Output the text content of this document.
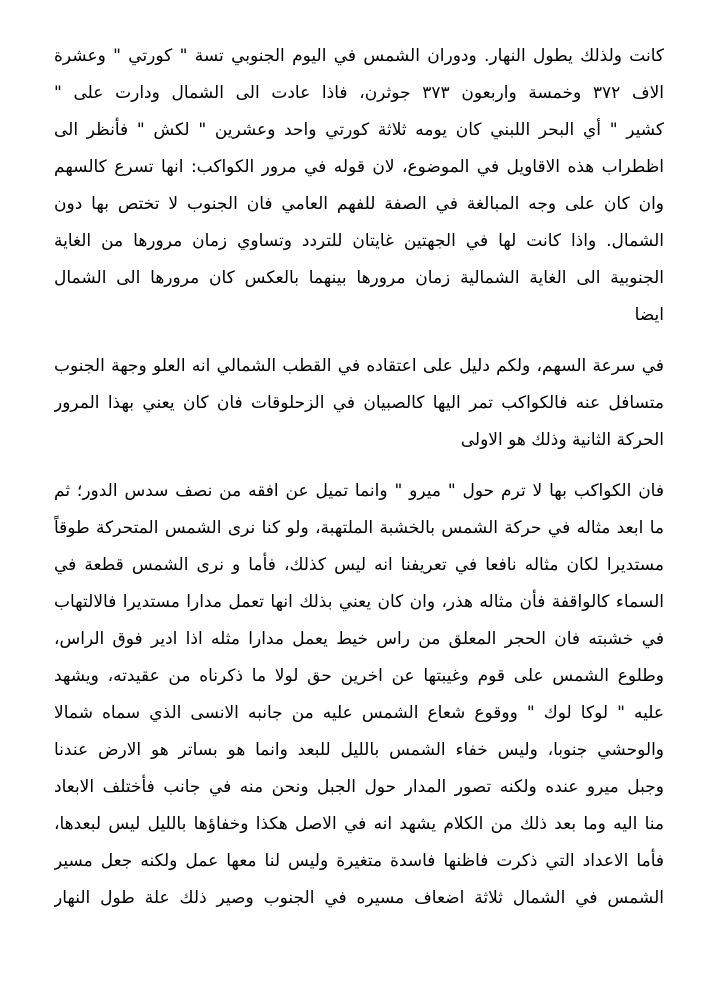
كانت ولذلك يطول النهار. ودوران الشمس في اليوم الجنوبي تسة " كورتي " وعشرة
الاف ٣٧٢ وخمسة واربعون ٣٧٣ جوثرن، فاذا عادت الى الشمال ودارت على "
كشير " أي البحر اللبني كان يومه ثلاثة كورتي واحد وعشرين " لكش " فأنظر الى
اظطراب هذه الاقاويل في الموضوع، لان قوله في مرور الكواكب: انها تسرع كالسهم
وان كان على وجه المبالغة في الصفة للفهم العامي فان الجنوب لا تختص بها دون
الشمال. واذا كانت لها في الجهتين غايتان للتردد وتساوي زمان مرورها من الغاية
الجنوبية الى الغاية الشمالية زمان مرورها بينهما بالعكس كان مرورها الى الشمال
ايضا
في سرعة السهم، ولكم دليل على اعتقاده في القطب الشمالي انه العلو وجهة الجنوب
متسافل عنه فالكواكب تمر اليها كالصبيان في الزحلوقات فان كان يعني بهذا المرور
الحركة الثانية وذلك هو الاولى
فان الكواكب بها لا ترم حول " ميرو " وانما تميل عن افقه من نصف سدس الدور؛ ثم
ما ابعد مثاله في حركة الشمس بالخشبة الملتهبة، ولو كنا نرى الشمس المتحركة طوقاً
مستديرا لكان مثاله نافعا في تعريفنا انه ليس كذلك، فأما و نرى الشمس قطعة في
السماء كالواقفة فأن مثاله هذر، وان كان يعني بذلك انها تعمل مدارا مستديرا فالالتهاب
في خشبته فان الحجر المعلق من راس خيط يعمل مدارا مثله اذا ادير فوق الراس،
وطلوع الشمس على قوم وغيبتها عن اخرين حق لولا ما ذكرناه من عقيدته، ويشهد
عليه " لوكا لوك " ووقوع شعاع الشمس عليه من جانبه الانسى الذي سماه شمالا
والوحشي جنوبا، وليس خفاء الشمس بالليل للبعد وانما هو بساتر هو الارض عندنا
وجبل ميرو عنده ولكنه تصور المدار حول الجبل ونحن منه في جانب فأختلف الابعاد
منا اليه وما بعد ذلك من الكلام يشهد انه في الاصل هكذا وخفاؤها بالليل ليس لبعدها،
فأما الاعداد التي ذكرت فاظنها فاسدة متغيرة وليس لنا معها عمل ولكنه جعل مسير
الشمس في الشمال ثلاثة اضعاف مسيره في الجنوب وصير ذلك علة طول النهار
